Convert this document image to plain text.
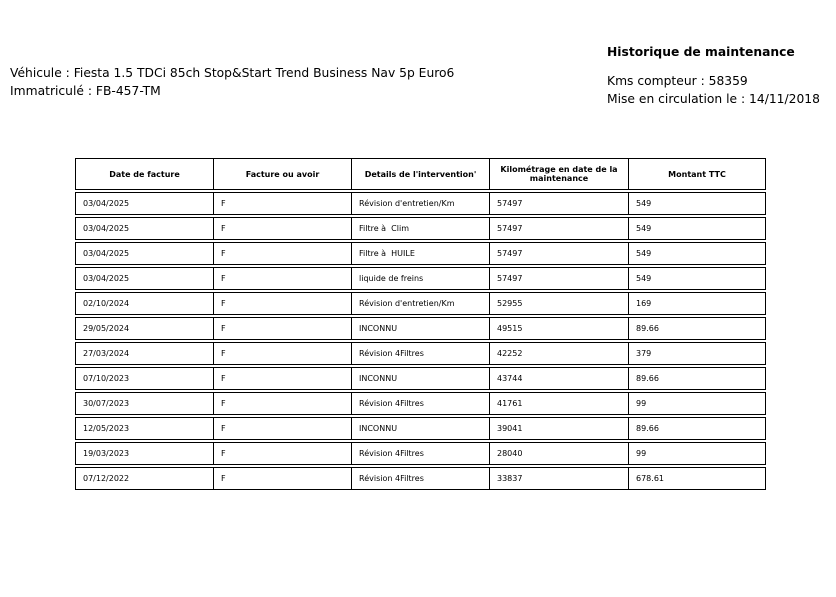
Véhicule : Fiesta 1.5 TDCi 85ch Stop&Start Trend Business Nav 5p Euro6
Immatriculé : FB-457-TM
Historique de maintenance
Kms compteur : 58359
Mise en circulation le : 14/11/2018
Date de facture	Facture ou avoir	Details de l'intervention'	Kilométrage en date de la maintenance	Montant TTC
03/04/2025	F	Révision d'entretien/Km	57497	549
03/04/2025	F	Filtre à  Clim	57497	549
03/04/2025	F	Filtre à  HUILE	57497	549
03/04/2025	F	liquide de freins	57497	549
02/10/2024	F	Révision d'entretien/Km	52955	169
29/05/2024	F	INCONNU	49515	89.66
27/03/2024	F	Révision 4Filtres	42252	379
07/10/2023	F	INCONNU	43744	89.66
30/07/2023	F	Révision 4Filtres	41761	99
12/05/2023	F	INCONNU	39041	89.66
19/03/2023	F	Révision 4Filtres	28040	99
07/12/2022	F	Révision 4Filtres	33837	678.61
